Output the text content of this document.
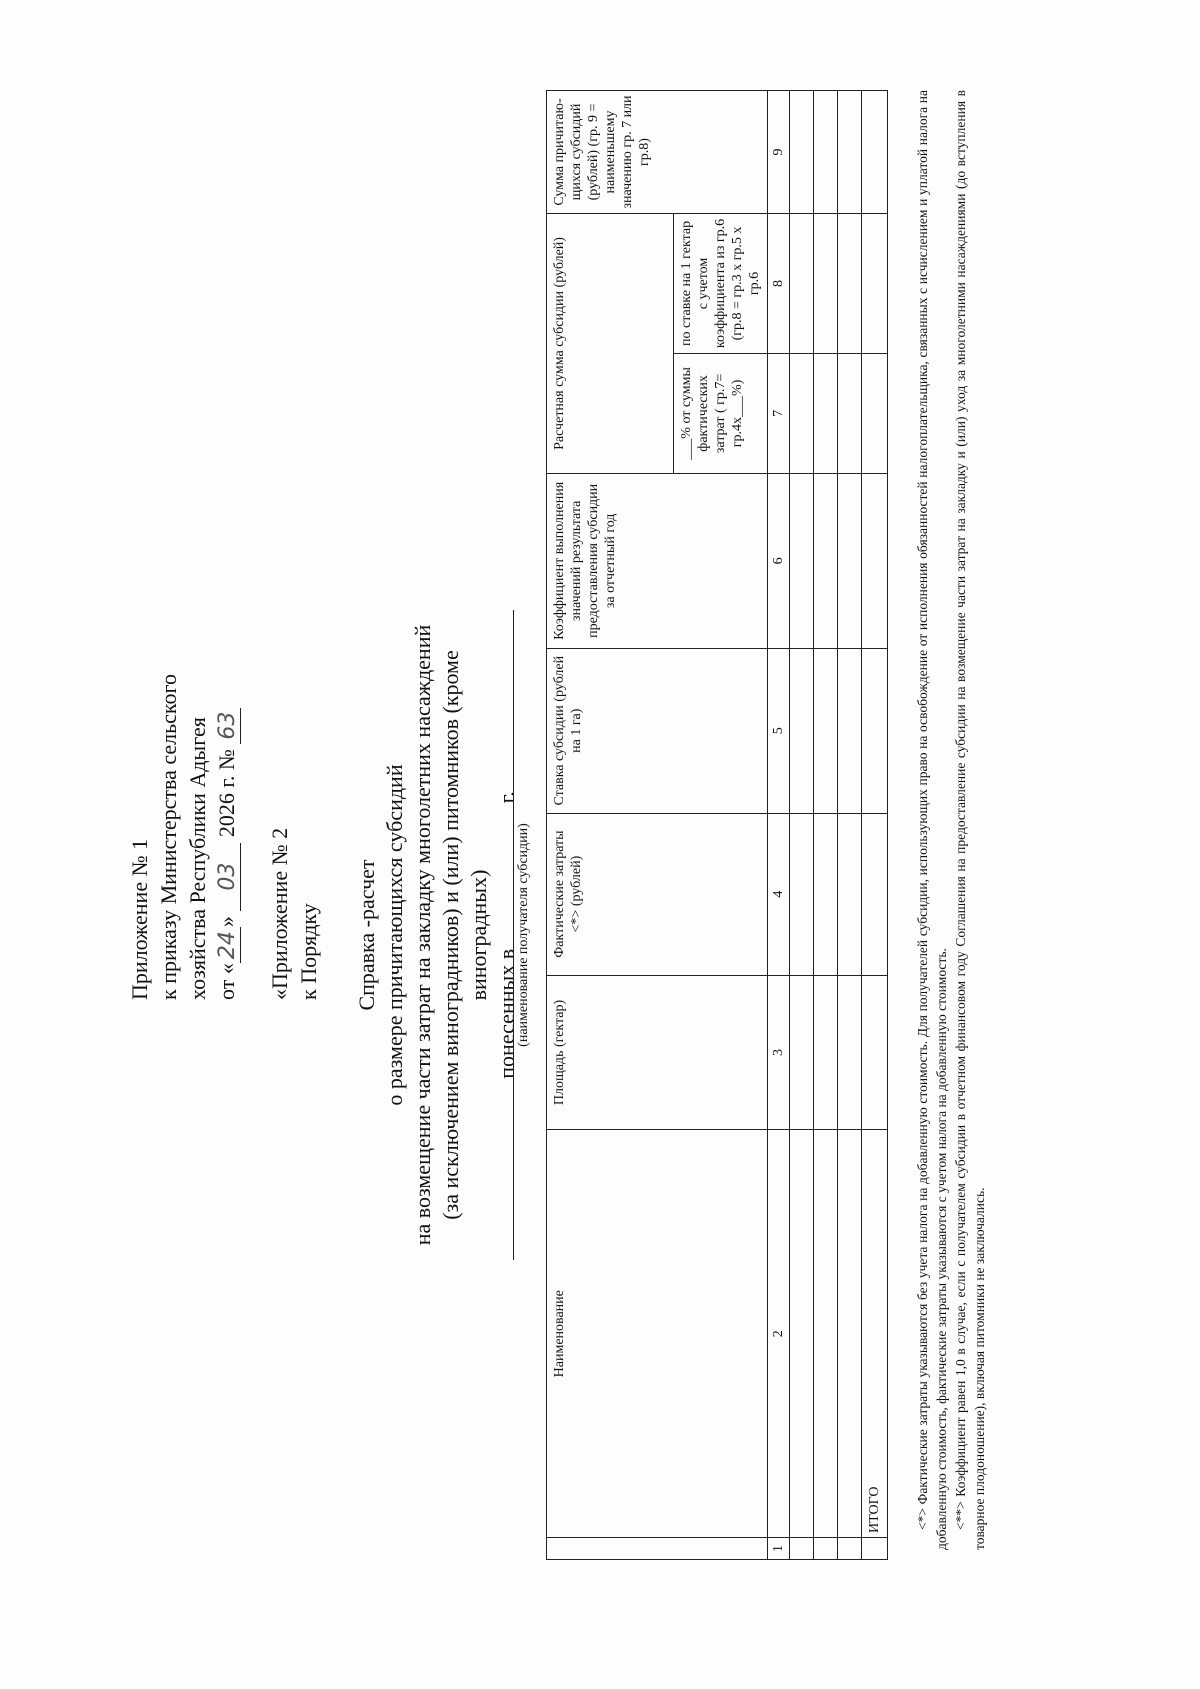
Приложение № 1 к приказу Министерства сельского хозяйства Республики Адыгея от «24» 03 2026 г. № 63
«Приложение № 2 к Порядку Справка -расчет о размере причитающихся субсидий на возмещение части затрат на закладку многолетних насаждений (за исключением виноградников) и (или) питомников (кроме виноградных)
понесенных в г.
(наименование получателя субсидии)
	Наименование	Площадь (гектар)	Фактические затраты <*> (рублей)	Ставка субсидии (рублей на 1 га)	Коэффициент выполнения значений результата предоставления субсидии за отчетный год	Расчетная сумма субсидии (рублей)		Сумма причитаю-щихся субсидий (рублей) (гр. 9 = наименьшему значению гр. 7 или гр.8)
						___% от суммы фактических затрат ( гр.7= гр.4х___%)	по ставке на 1 гектар с учетом коэффициента из гр.6 (гр.8 = гр.3 х гр.5 х гр.6	
1	2	3	4	5	6	7	8	9

	ИТОГО							<*> Фактические затраты указываются без учета налога на добавленную стоимость. Для получателей субсидии, использующих право на освобождение от исполнения обязанностей налогоплательщика, связанных с исчислением и уплатой налога на добавленную стоимость, фактические затраты указываются с учетом налога на добавленную стоимость. <**> Коэффициент равен 1,0 в случае, если с получателем субсидии в отчетном финансовом году Соглашения на предоставление субсидии на возмещение части затрат на закладку и (или) уход за многолетними насаждениями (до вступления в товарное плодоношение), включая питомники не заключались.
